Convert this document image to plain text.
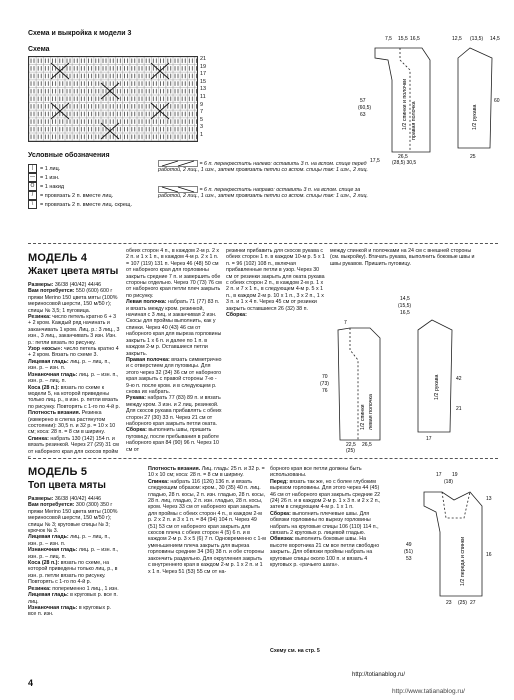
Схема и выкройка к модели 3
Схема
21
19
17
15
13
11
9
7
5
3
1
Условные обозначения
|	= 1 лиц.
— = 1 изн.
O	= 1 накид
/	= провязать 2 п. вместе лиц.
\	= провязать 2 п. вместе лиц. скрещ.
= 6 п. перекрестить налево: оставить 3 п. на вспом. спице перед работой, 2 лиц., 1 изн., затем провязать петли со вспом. спицы так: 1 изн., 2 лиц.
= 6 п. перекрестить направо: оставить 3 п. на вспом. спице за работой, 2 лиц., 1 изн., затем провязать петли со вспом. спицы так: 1 изн., 2 лиц.
1/2 спинки и полочки правая полочка	1/2 рукава
7,5 15,5 16,5
57
(60,5)
63
17,5
26,5
(28,5) 30,5
60
25
12,5 (13,5) 14,5
МОДЕЛЬ 4
Жакет цвета мяты

Размеры: 36/38 (40/42) 44/46

Вам потребуется: 550 (600) 600 г пряжи Merino 150 цвета мяты (100% мериносовой шерсти, 150 м/50 г); спицы № 3,5; 1 пуговица.

Резинка: число петель кратно 6 + 3 + 2 кром. Каждый ряд начинать и заканчивать 1 кром. Лиц. р.: 3 лиц., 3 изн., 3 лиц., заканчивать 3 изн. Изн. р.: петли вязать по рисунку.

Узор «косы»: число петель кратно 4 + 2 кром. Вязать по схеме 3.

Лицевая гладь: лиц. р. – лиц. п., изн. р. – изн. п.

Изнаночная гладь: лиц. р. – изн. п., изн. р. – лиц. п.

Коса (28 п.): вязать по схеме к модели 5, на которой приведены только лиц. р., в изн. р. петли вязать по рисунку. Повторять с 1-го по 4-й р.

Плотность вязания. Резинка (измерено в слегка растянутом состоянии): 30,5 п. и 32 р. = 10 х 10 см; коса: 28 п. = 8 см в ширину.

Спинка: набрать 130 (142) 154 п. и вязать резинкой. Через 27 (29) 31 см от наборного края для скосов пройм с

обеих сторон 4 п., в каждом 2-м р. 2 х 2 п. и 1 х 1 п., в каждом 4-м р. 2 х 1 п. = 107 (119) 131 п. Через 46 (48) 50 см от наборного края для горловины закрыть средние 7 п. и завершить обе стороны отдельно. Через 70 (73) 76 см от наборного края петли плеч закрыть по рисунку.

Левая полочка: набрать 71 (77) 83 п. и вязать между кром. резинкой, начиная с 3 лиц. и заканчивая 2 изн. Скосы для проймы выполнить, как у спинки. Через 40 (43) 46 см от наборного края для выреза горловины закрыть 1 х 6 п. и далее по 1 п. в каждом 2-м р. Оставшиеся петли закрыть.

Правая полочка: вязать симметрично и с отверстием для пуговицы. Для этого через 32 (34) 36 см от наборного края закрыть с правой стороны 7-ю - 9-ю п. после кром. и в следующем р. снова их набрать.

Рукава: набрать 77 (83) 89 п. и вязать между кром. 3 изн. и 2 лиц. резинкой. Для скосов рукава прибавлять с обеих сторон 27 (30) 33 п. Через 21 см от наборного края закрыть петли оката.

Сборка: выполнить швы, пришить пуговицу, после пребывания в работе наборного края 84 (90) 96 п. Через 10 см от

резинки прибавить для скосов рукава с обеих сторон 1 п. в каждом 10-м р. 5 х 1 п. = 96 (102) 108 п., включая прибавленные петли в узор. Через 30 см от резинки закрыть для оката рукава с обеих сторон 2 п., в каждом 2-м р. 1 х 2 п. и 7 х 1 п., в следующем 4-м р. 5 х 1 п., в каждом 2-м р. 10 х 1 п., 3 х 2 п., 1 х 3 п. и 1 х 4 п. Через 45 см от резинки закрыть оставшиеся 26 (32) 38 п.

Сборка:

между спинкой и полочками на 24 см с внешней стороны (см. выкройку). Втачать рукава, выполнить боковые швы и швы рукавов. Пришить пуговицу.

1/2 спинки левая полочка
1/2 рукава
14,5
(15,5)
16,5
7
70
(73)
76
22,5
(25)
26,5
17
42
21
МОДЕЛЬ 5
Топ цвета мяты

Размеры: 36/38 (40/42) 44/46

Вам потребуется: 300 (300) 350 г пряжи Merino 150 цвета мяты (100% мериносовой шерсти, 150 м/50 г); спицы № 3; круговые спицы № 3; крючок № 3.

Лицевая гладь: лиц. р. – лиц. п., изн. р. – изн. п.

Изнаночная гладь: лиц. р. – изн. п., изн. р. – лиц. п.

Коса (28 п.): вязать по схеме, на которой приведены только лиц. р., в изн. р. петли вязать по рисунку. Повторять с 1-го по 4-й р.

Резинка: попеременно 1 лиц., 1 изн.

Лицевая гладь: в круговых р. все п. лиц.

Изнаночная гладь: в круговых р. все п. изн.

Плотность вязания. Лиц. гладь: 25 п. и 32 р. = 10 х 10 см; коса: 28 п. = 8 см в ширину.

Спинка: набрать 116 (126) 136 п. и вязать следующим образом: кром., 30 (35) 40 п. лиц. гладью, 28 п. косы, 2 п. изн. гладью, 28 п. косы, 28 п. лиц. гладью, 2 п. изн. гладью, 28 п. косы, кром. Через 33 см от наборного края закрыть для проймы с обеих сторон 4 п., в каждом 2-м р. 2 х 2 п. и 3 х 1 п. = 84 (94) 104 п. Через 49 (51) 53 см от наборного края закрыть для скосов плеча с обеих сторон 4 (5) 6 п. и в каждом 2-м р. 3 х 5 (6) 7 п. Одновременно с 1-м уменьшением плеча закрыть для выреза горловины средние 34 (36) 38 п. и обе стороны закончить раздельно. Для округления закрыть с внутреннего края в каждом 2-м р. 1 х 2 п. и 1 х 1 п. Через 51 (53) 55 см от на-

борного края все петли должны быть использованы.

Перед: вязать так же, но с более глубоким вырезом горловины. Для этого через 44 (45) 46 см от наборного края закрыть средние 22 (24) 26 п. и в каждом 2-м р. 1 х 3 п. и 2 х 2 п., затем в следующем 4-м р. 1 х 1 п.

Сборка: выполнить плечевые швы. Для обвязки горловины по вырезу горловины набрать на круговые спицы 106 (110) 114 п., связать 2 круговых р. лицевой гладью.

Обвязка: выполнить боковые швы. На высоте воротника 21 см все петли свободно закрыть. Для обвязки проймы набрать на круговые спицы около 100 п. и вязать 4 круговых р. «рачьего шага».

Схему см. на стр. 5
1/2 переда и спинки
17
(18)
19
13
49
(51)
53
16
23 (25) 27
4
http://totianablog.ru/
http://www.tatianablog.ru/
